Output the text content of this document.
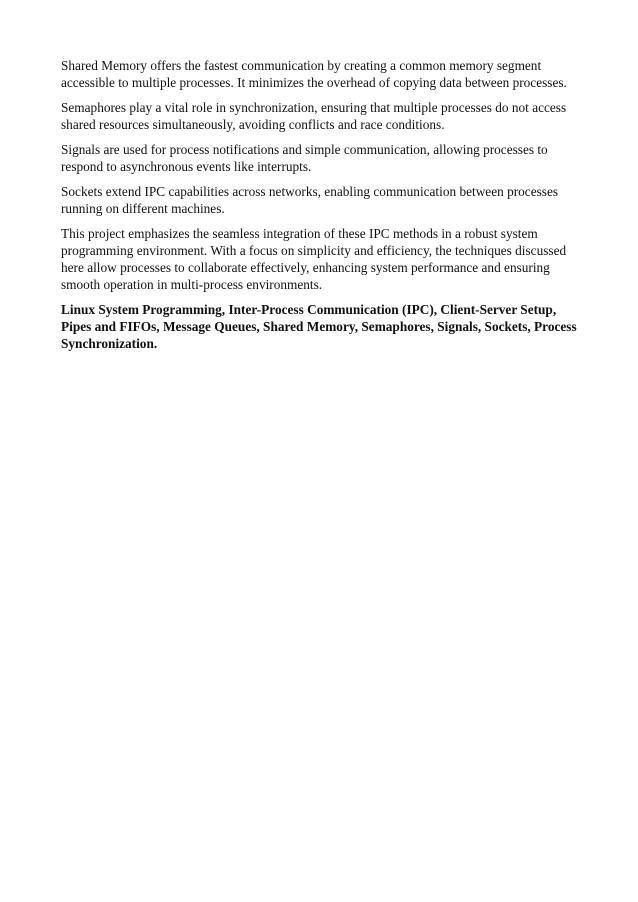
Shared Memory offers the fastest communication by creating a common memory segment accessible to multiple processes. It minimizes the overhead of copying data between processes.

Semaphores play a vital role in synchronization, ensuring that multiple processes do not access shared resources simultaneously, avoiding conflicts and race conditions.

Signals are used for process notifications and simple communication, allowing processes to respond to asynchronous events like interrupts.

Sockets extend IPC capabilities across networks, enabling communication between processes running on different machines.

This project emphasizes the seamless integration of these IPC methods in a robust system programming environment. With a focus on simplicity and efficiency, the techniques discussed here allow processes to collaborate effectively, enhancing system performance and ensuring smooth operation in multi-process environments.

Linux System Programming, Inter-Process Communication (IPC), Client-Server Setup, Pipes and FIFOs, Message Queues, Shared Memory, Semaphores, Signals, Sockets, Process Synchronization.
